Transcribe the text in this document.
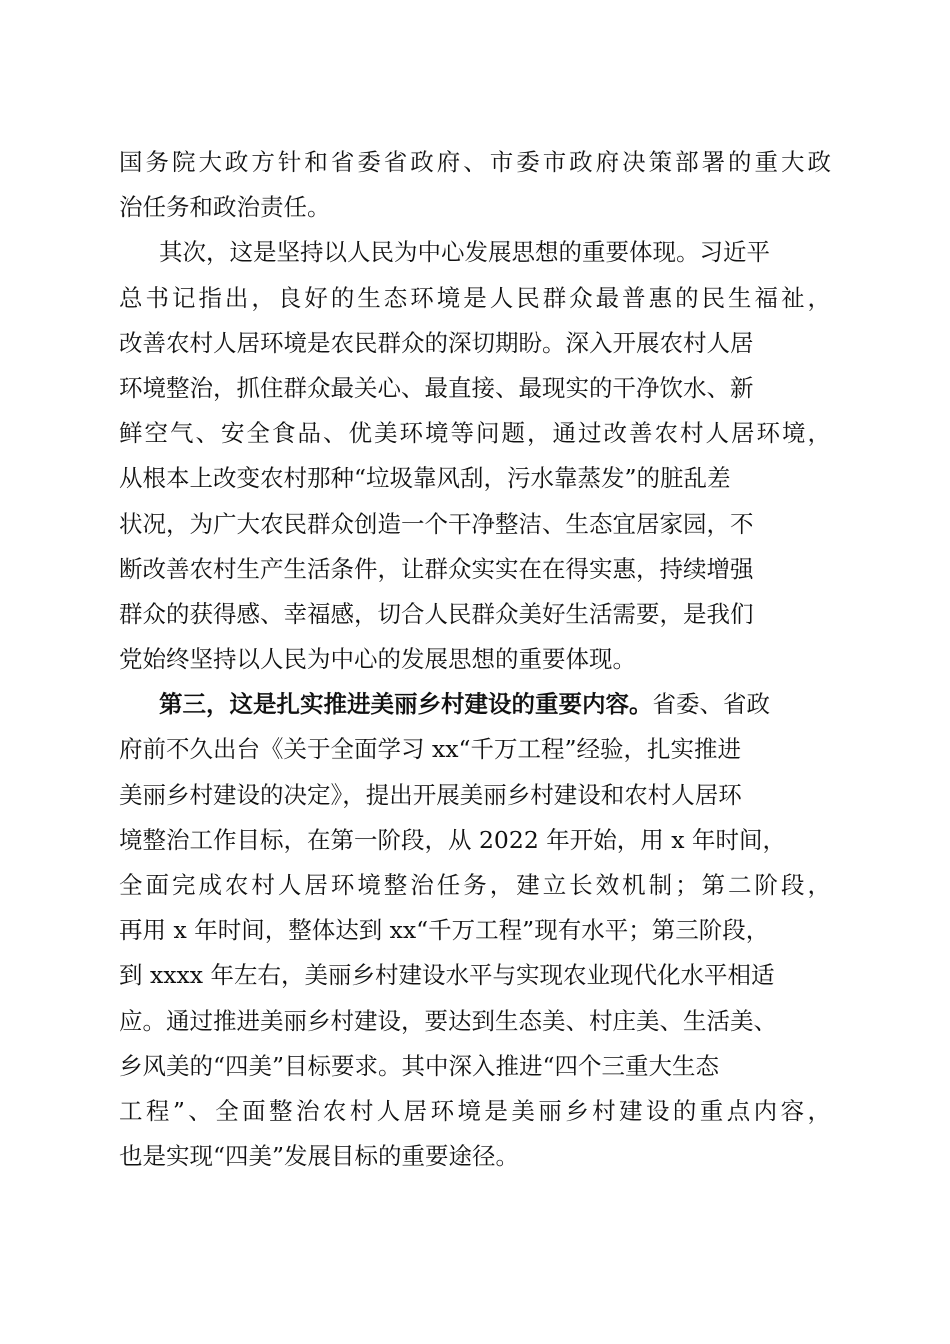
国务院大政方针和省委省政府、市委市政府决策部署的重大政
治任务和政治责任。
其次，这是坚持以人民为中心发展思想的重要体现。习近平
总书记指出，良好的生态环境是人民群众最普惠的民生福祉，
改善农村人居环境是农民群众的深切期盼。深入开展农村人居
环境整治，抓住群众最关心、最直接、最现实的干净饮水、新
鲜空气、安全食品、优美环境等问题，通过改善农村人居环境，
从根本上改变农村那种“垃圾靠风刮，污水靠蒸发”的脏乱差
状况，为广大农民群众创造一个干净整洁、生态宜居家园，不
断改善农村生产生活条件，让群众实实在在得实惠，持续增强
群众的获得感、幸福感，切合人民群众美好生活需要，是我们
党始终坚持以人民为中心的发展思想的重要体现。
第三，这是扎实推进美丽乡村建设的重要内容。省委、省政
府前不久出台《关于全面学习 xx“千万工程”经验，扎实推进
美丽乡村建设的决定》，提出开展美丽乡村建设和农村人居环
境整治工作目标，在第一阶段，从 2022 年开始，用 x 年时间，
全面完成农村人居环境整治任务，建立长效机制；第二阶段，
再用 x 年时间，整体达到 xx“千万工程”现有水平；第三阶段，
到 xxxx 年左右，美丽乡村建设水平与实现农业现代化水平相适
应。通过推进美丽乡村建设，要达到生态美、村庄美、生活美、
乡风美的“四美”目标要求。其中深入推进“四个三重大生态
工程”、全面整治农村人居环境是美丽乡村建设的重点内容，
也是实现“四美”发展目标的重要途径。
